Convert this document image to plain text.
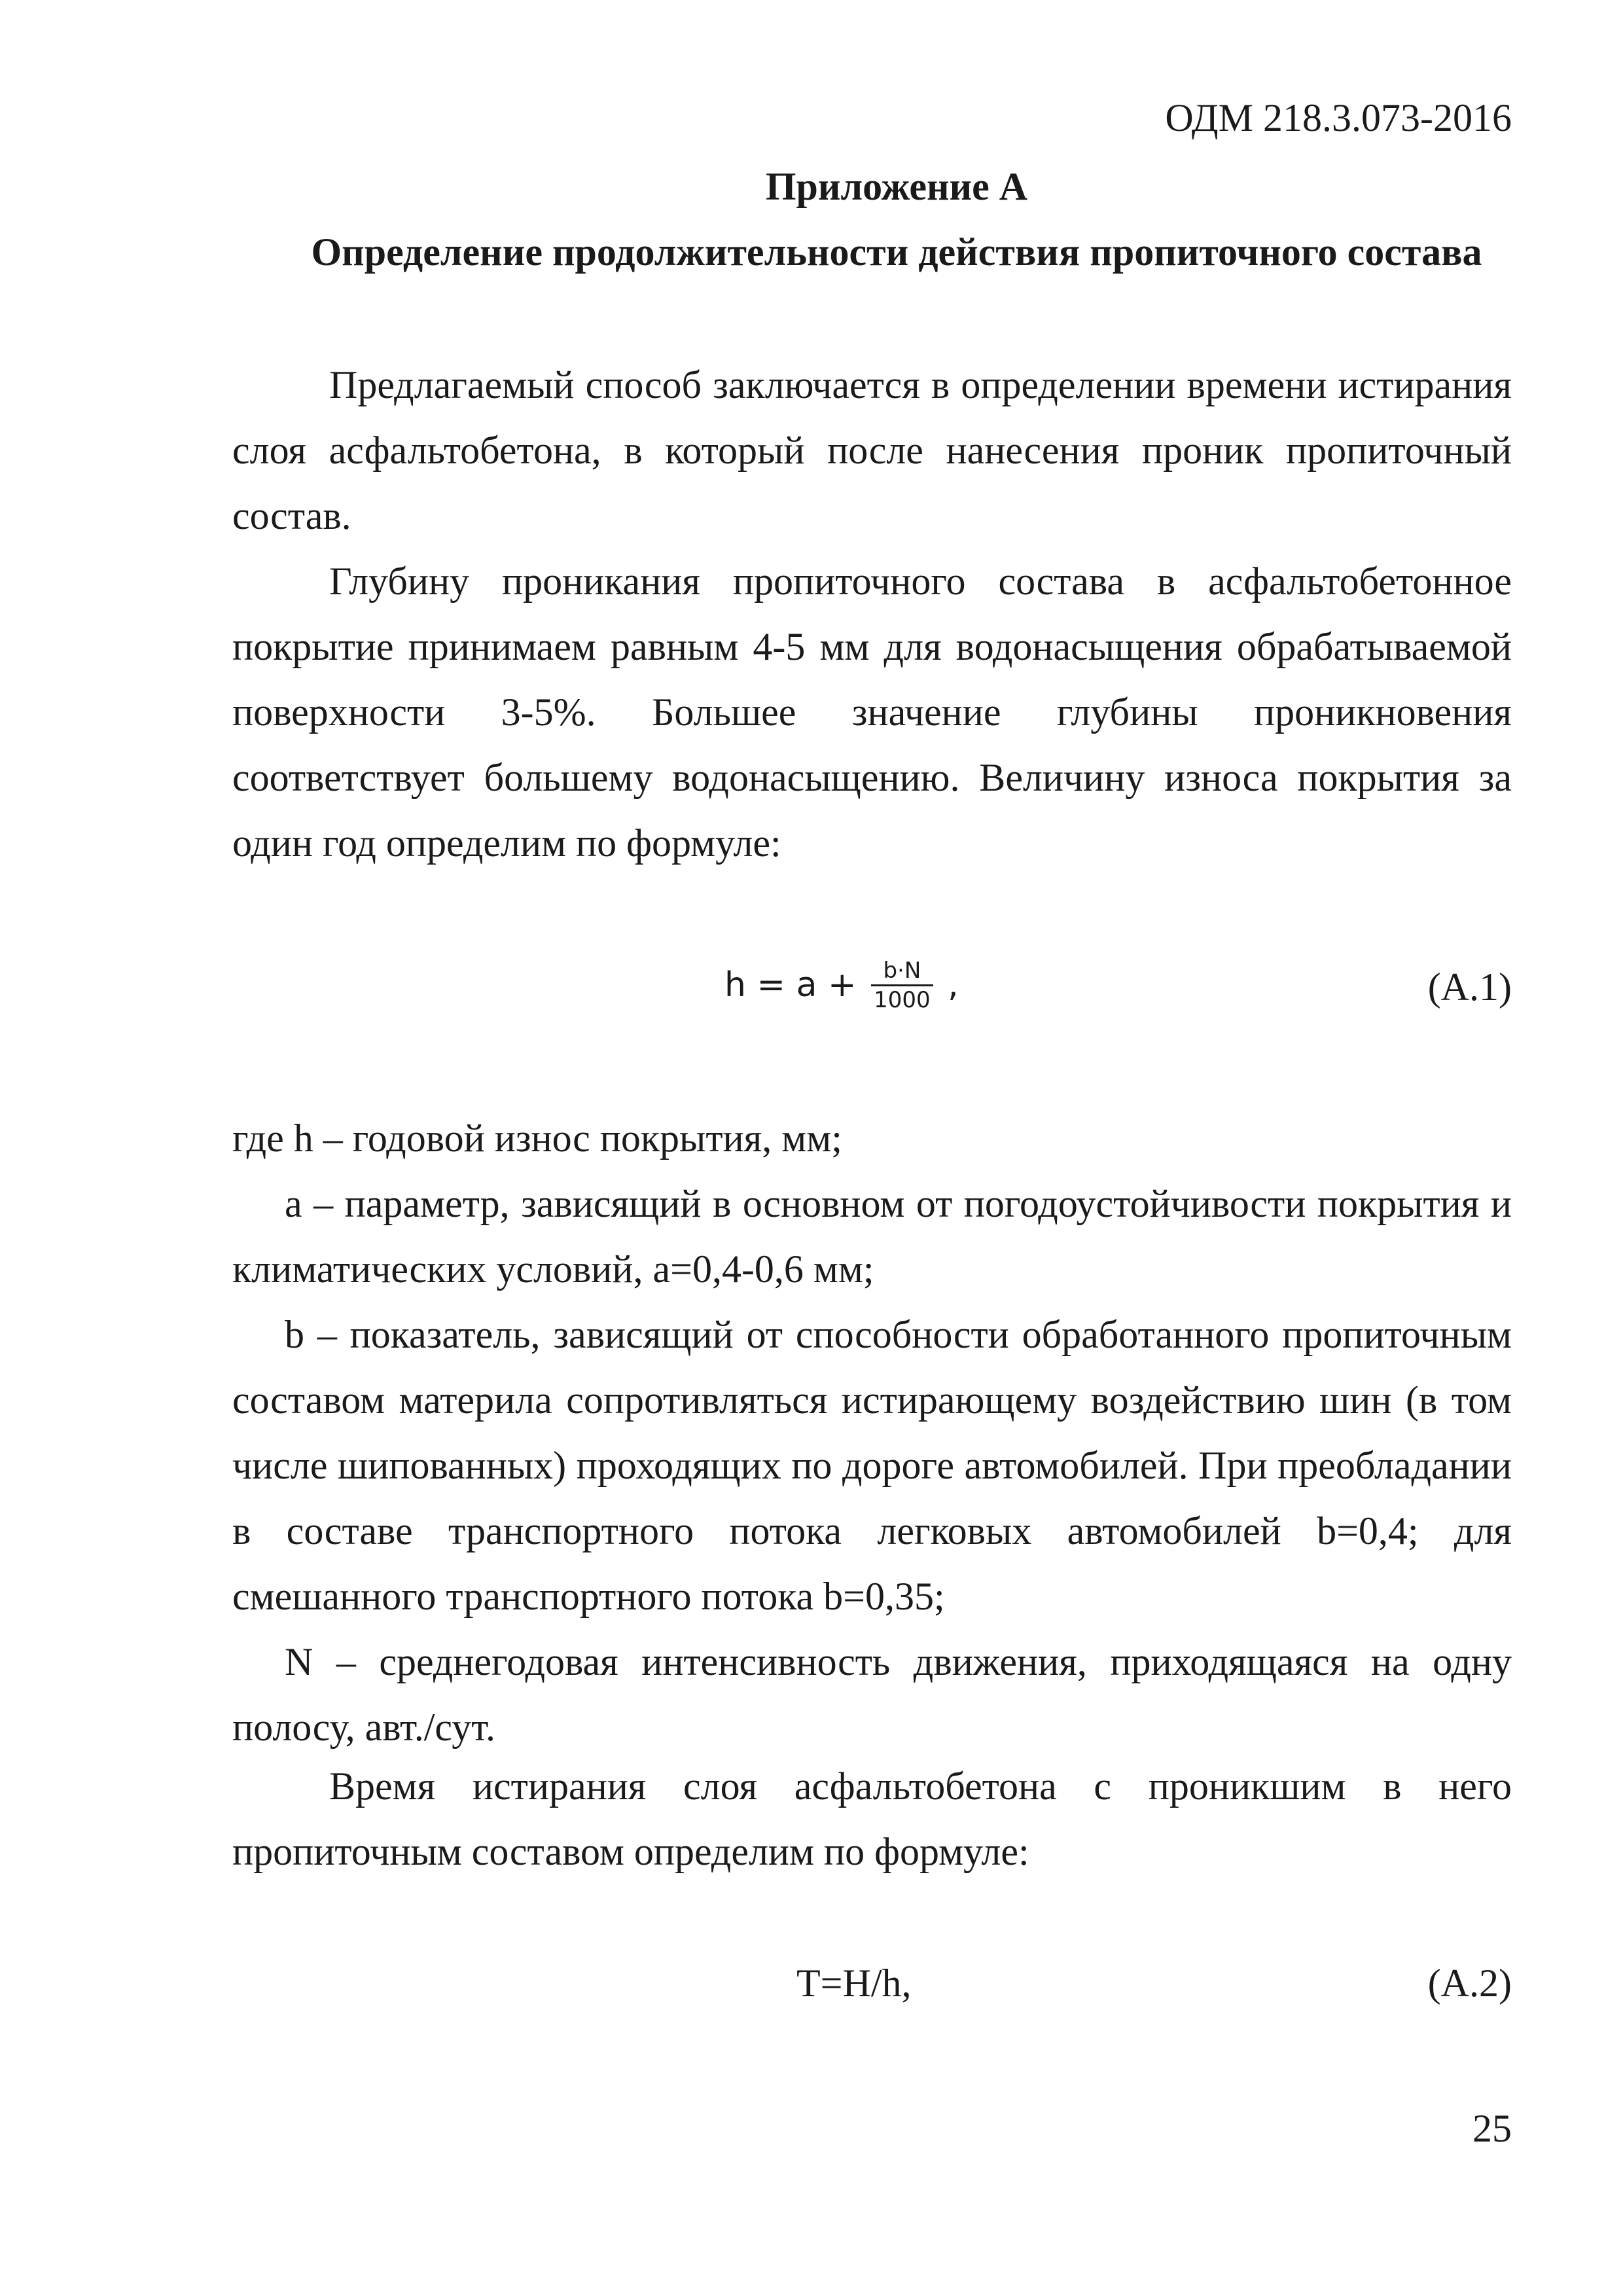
ОДМ 218.3.073-2016
Приложение А
Определение продолжительности действия пропиточного состава

Предлагаемый способ заключается в определении времени истирания слоя асфальтобетона, в который после нанесения проник пропиточный состав.

Глубину проникания пропиточного состава в асфальтобетонное покрытие принимаем равным 4-5 мм для водонасыщения обрабатываемой поверхности 3-5%. Большее значение глубины проникновения соответствует большему водонасыщению. Величину износа покрытия за один год определим по формуле:

$h = a + \frac{b\cdot N}{1000}$ ,	(А.1)

где h – годовой износ покрытия, мм;

a – параметр, зависящий в основном от погодоустойчивости покрытия и климатических условий, a=0,4-0,6 мм;

b – показатель, зависящий от способности обработанного пропиточным составом материла сопротивляться истирающему воздействию шин (в том числе шипованных) проходящих по дороге автомобилей. При преобладании в составе транспортного потока легковых автомобилей b=0,4; для смешанного транспортного потока b=0,35;

N – среднегодовая интенсивность движения, приходящаяся на одну полосу, авт./сут.

Время истирания слоя асфальтобетона с проникшим в него пропиточным составом определим по формуле:

T=H/h,	(А.2)
25
